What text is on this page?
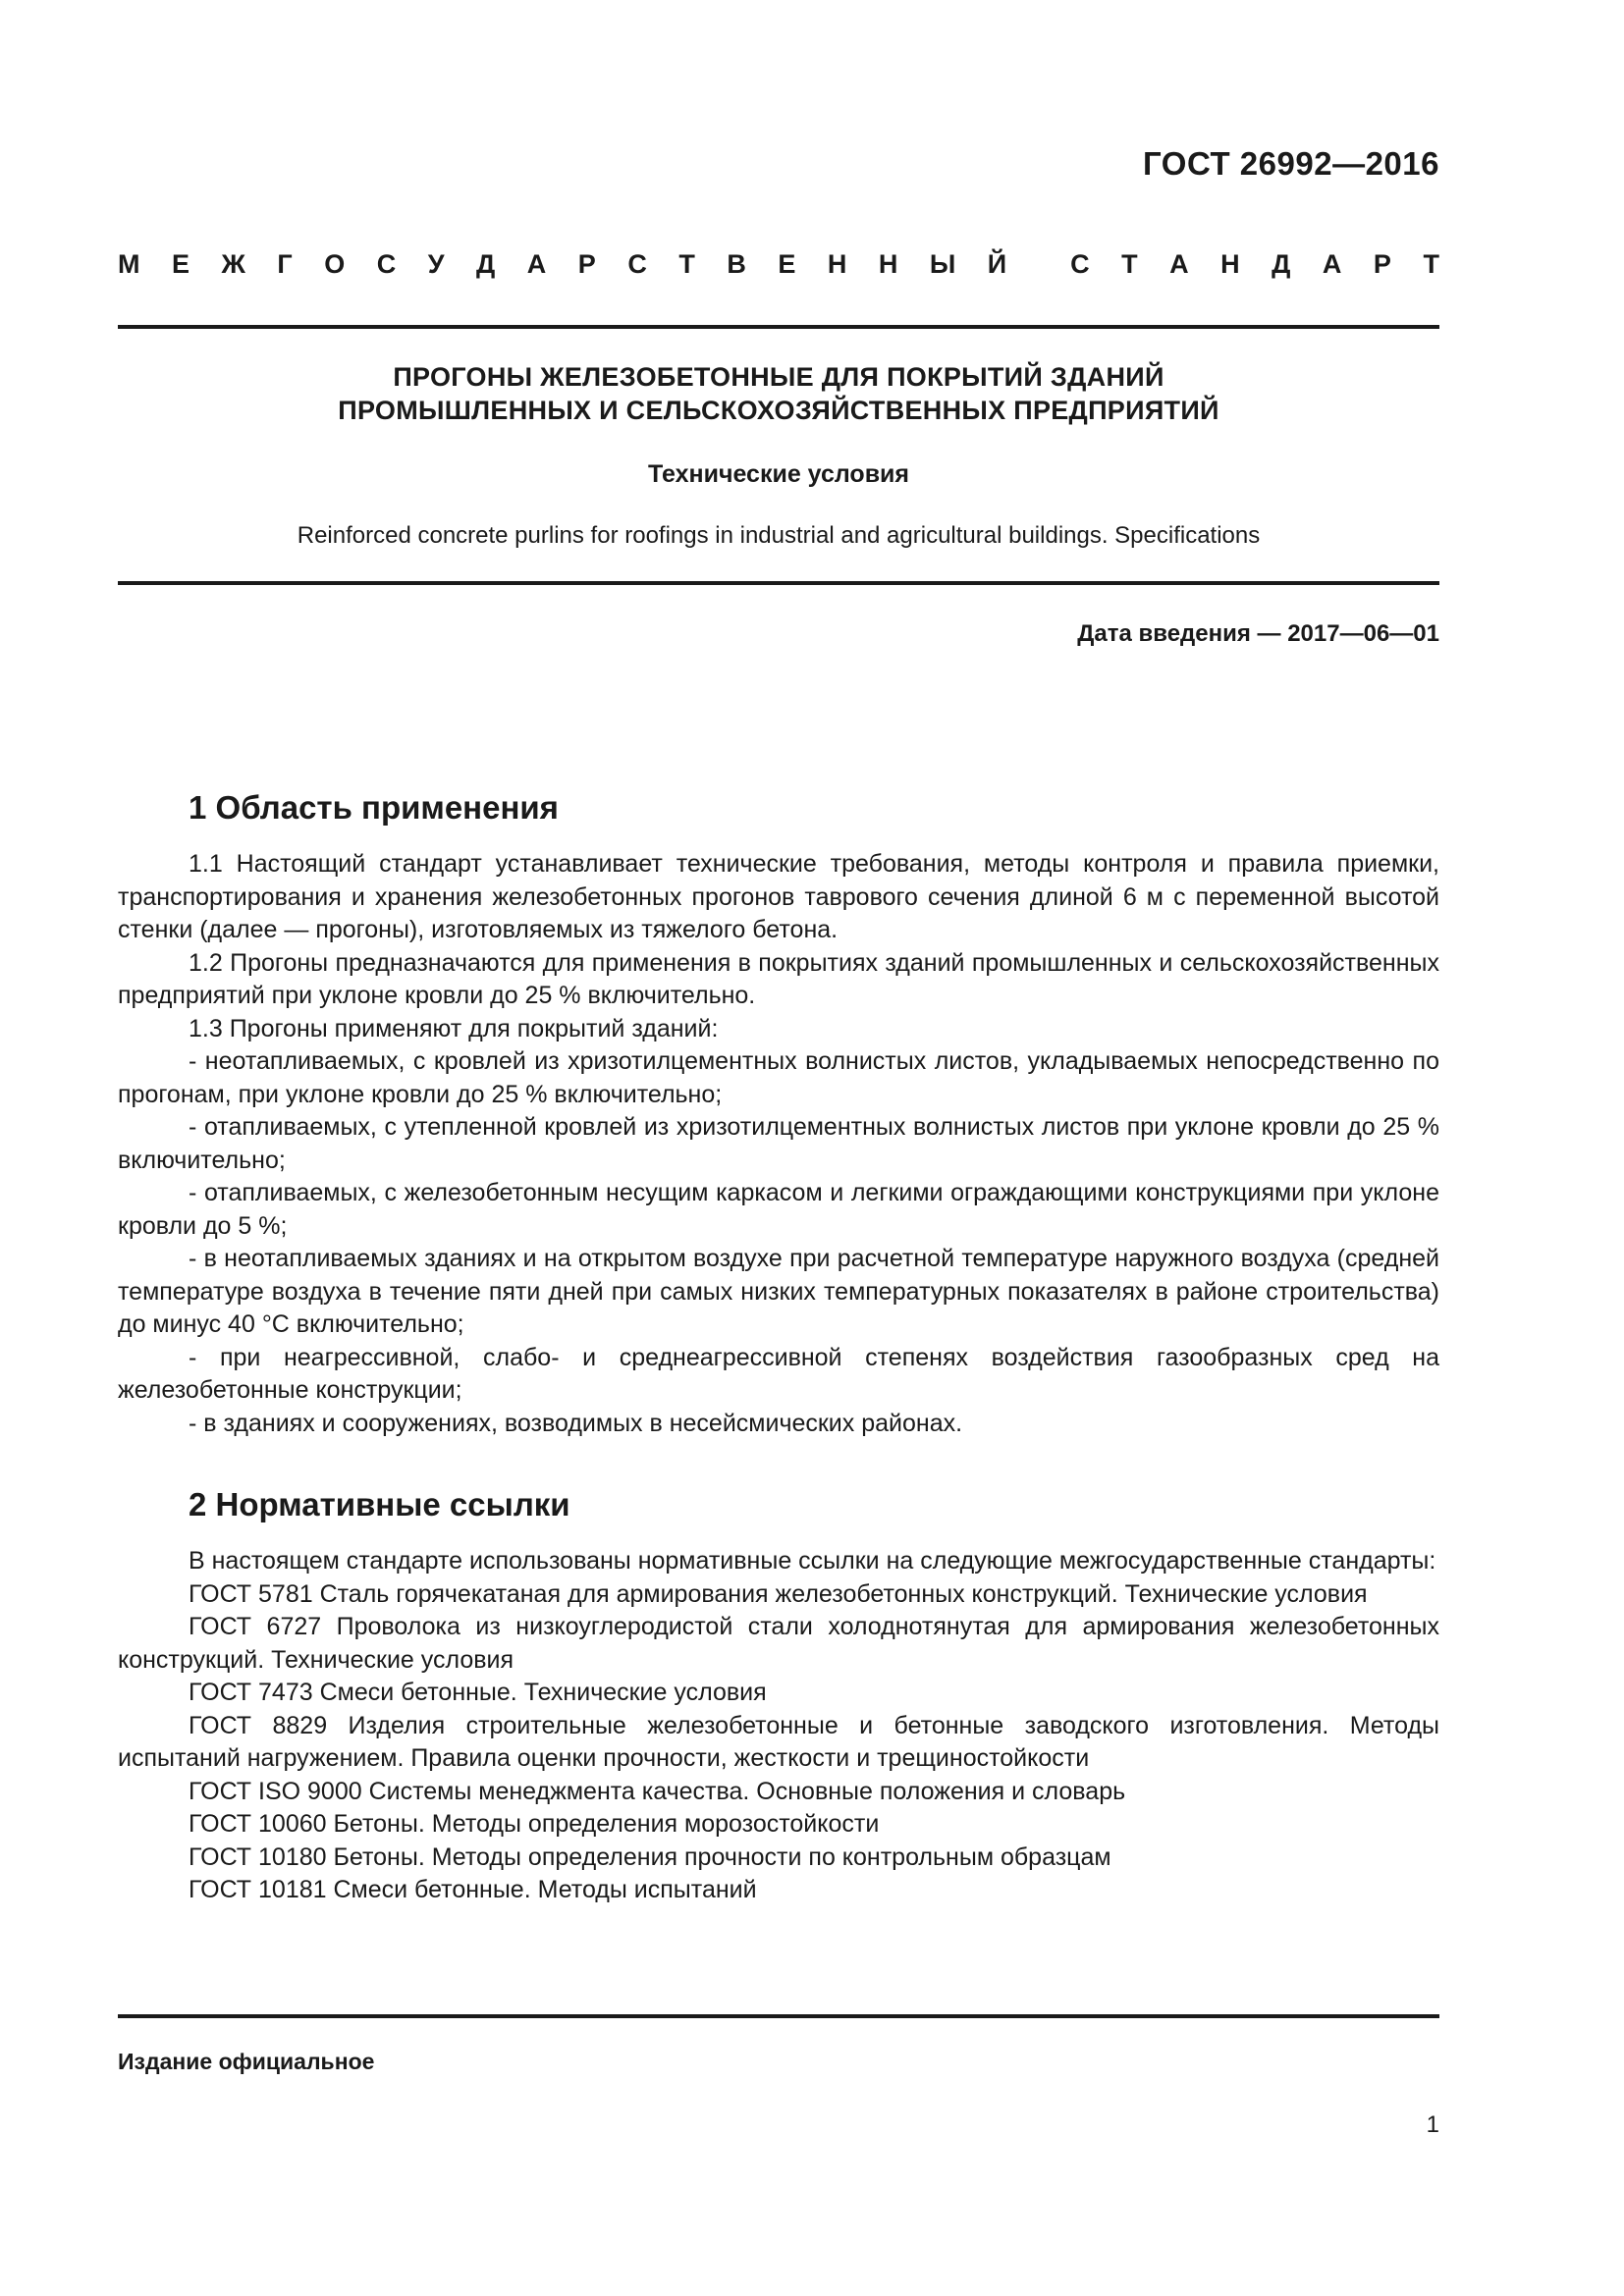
ГОСТ 26992—2016
М Е Ж Г О С У Д А Р С Т В Е Н Н Ы Й С Т А Н Д А Р Т
ПРОГОНЫ ЖЕЛЕЗОБЕТОННЫЕ ДЛЯ ПОКРЫТИЙ ЗДАНИЙ
ПРОМЫШЛЕННЫХ И СЕЛЬСКОХОЗЯЙСТВЕННЫХ ПРЕДПРИЯТИЙ
Технические условия
Reinforced concrete purlins for roofings in industrial and agricultural buildings. Specifications
Дата введения — 2017—06—01
1 Область применения

1.1 Настоящий стандарт устанавливает технические требования, методы контроля и правила приемки, транспортирования и хранения железобетонных прогонов таврового сечения длиной 6 м с переменной высотой стенки (далее — прогоны), изготовляемых из тяжелого бетона.

1.2 Прогоны предназначаются для применения в покрытиях зданий промышленных и сельскохозяйственных предприятий при уклоне кровли до 25 % включительно.

1.3 Прогоны применяют для покрытий зданий:

- неотапливаемых, с кровлей из хризотилцементных волнистых листов, укладываемых непосредственно по прогонам, при уклоне кровли до 25 % включительно;

- отапливаемых, с утепленной кровлей из хризотилцементных волнистых листов при уклоне кровли до 25 % включительно;

- отапливаемых, с железобетонным несущим каркасом и легкими ограждающими конструкциями при уклоне кровли до 5 %;

- в неотапливаемых зданиях и на открытом воздухе при расчетной температуре наружного воздуха (средней температуре воздуха в течение пяти дней при самых низких температурных показателях в районе строительства) до минус 40 °С включительно;

- при неагрессивной, слабо- и среднеагрессивной степенях воздействия газообразных сред на железобетонные конструкции;

- в зданиях и сооружениях, возводимых в несейсмических районах.

2 Нормативные ссылки

В настоящем стандарте использованы нормативные ссылки на следующие межгосударственные стандарты:

ГОСТ 5781 Сталь горячекатаная для армирования железобетонных конструкций. Технические условия

ГОСТ 6727 Проволока из низкоуглеродистой стали холоднотянутая для армирования железобетонных конструкций. Технические условия

ГОСТ 7473 Смеси бетонные. Технические условия

ГОСТ 8829 Изделия строительные железобетонные и бетонные заводского изготовления. Методы испытаний нагружением. Правила оценки прочности, жесткости и трещиностойкости

ГОСТ ISO 9000 Системы менеджмента качества. Основные положения и словарь

ГОСТ 10060 Бетоны. Методы определения морозостойкости

ГОСТ 10180 Бетоны. Методы определения прочности по контрольным образцам

ГОСТ 10181 Смеси бетонные. Методы испытаний

Издание официальное
1
